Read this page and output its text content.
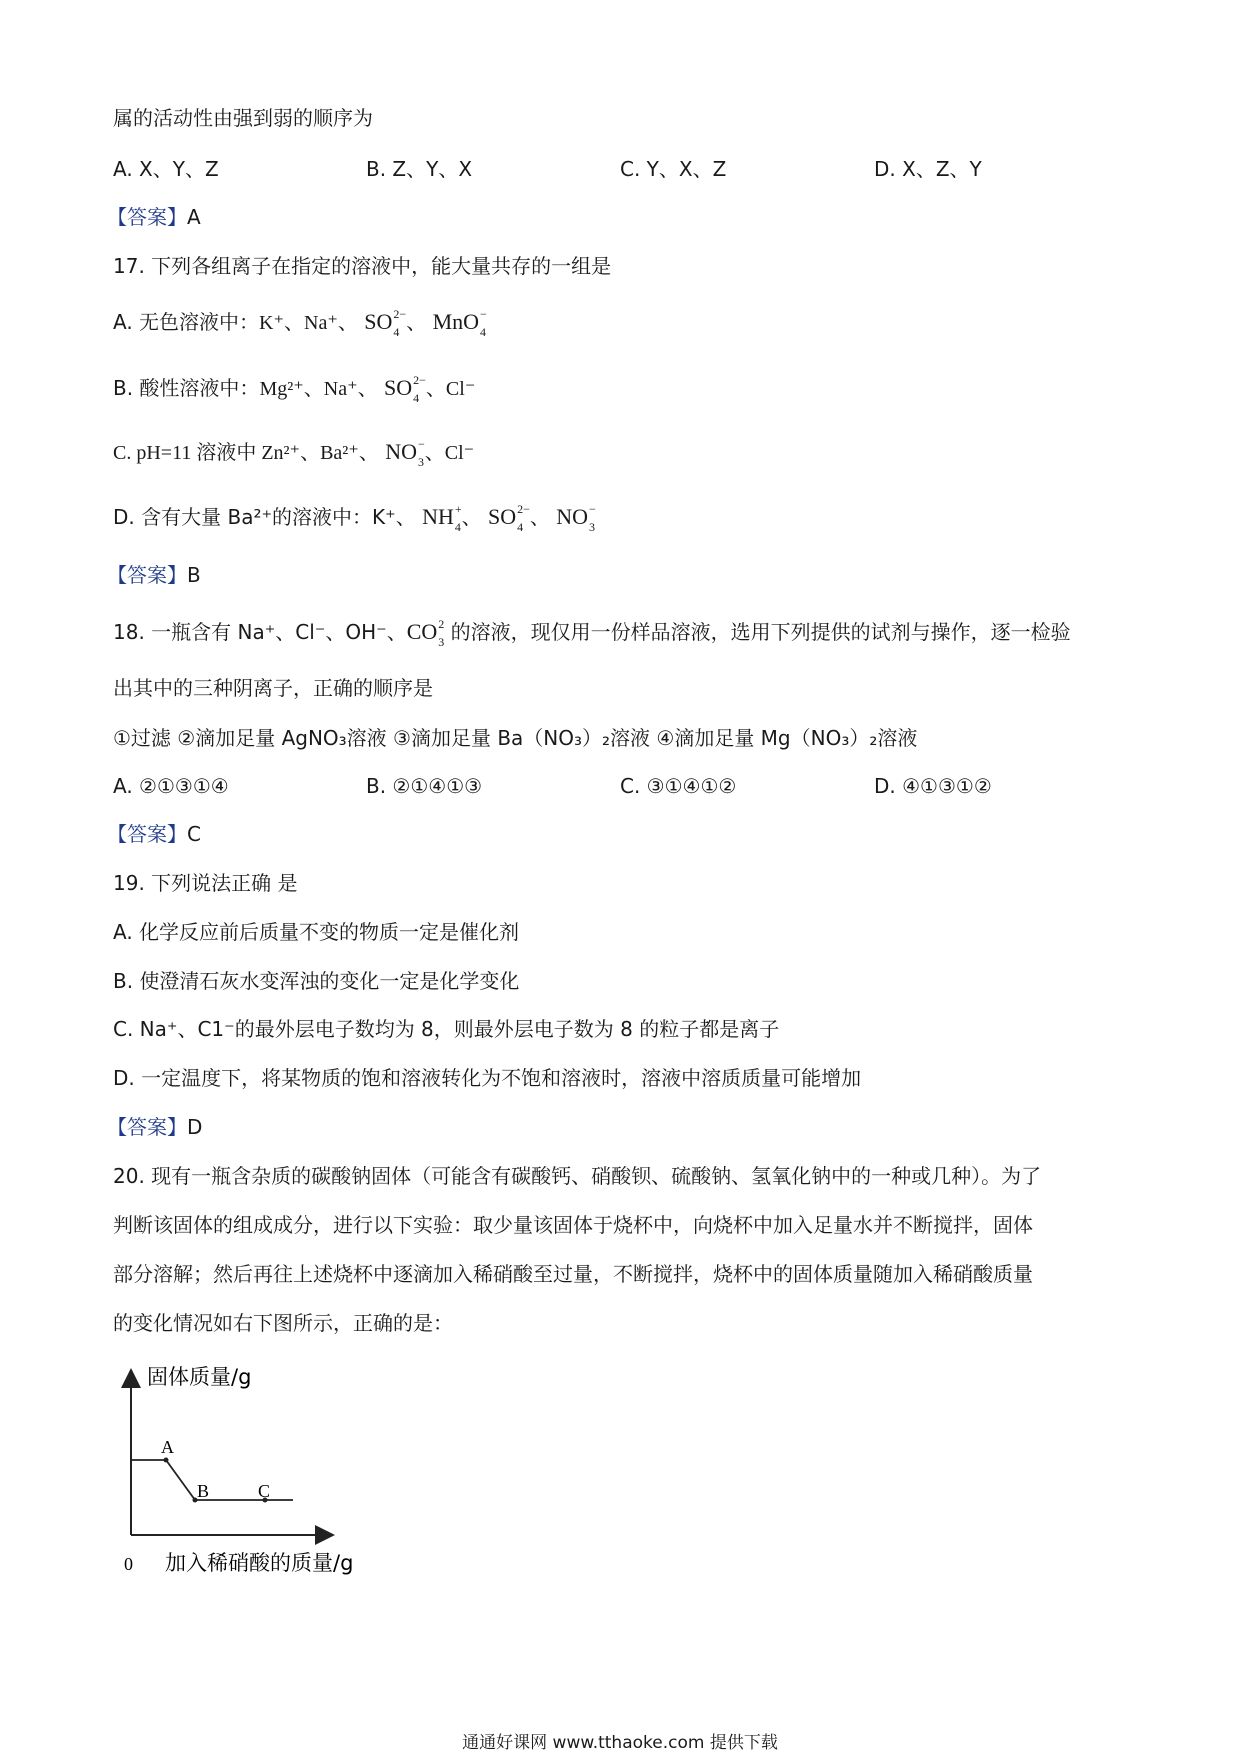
属的活动性由强到弱的顺序为
A. X、Y、Z	B. Z、Y、X	C. Y、X、Z	D. X、Z、Y
【答案】A
17. 下列各组离子在指定的溶液中，能大量共存的一组是
A. 无色溶液中：K⁺、Na⁺、 SO 2−
4 、 MnO −
4
B. 酸性溶液中：Mg²⁺、Na⁺、 SO 2−
4 、Cl⁻
C. pH=11 溶液中 Zn²⁺、Ba²⁺、 NO −
3 、Cl⁻
D. 含有大量 Ba²⁺的溶液中：K⁺、 NH +
4 、 SO 2−
4 、 NO −
3
【答案】B
18. 一瓶含有 Na⁺、Cl⁻、OH⁻、CO 2
3 的溶液，现仅用一份样品溶液，选用下列提供的试剂与操作，逐一检验
出其中的三种阴离子，正确的顺序是
①过滤 ②滴加足量 AgNO₃溶液 ③滴加足量 Ba（NO₃）₂溶液 ④滴加足量 Mg（NO₃）₂溶液
A. ②①③①④	B. ②①④①③	C. ③①④①②	D. ④①③①②
【答案】C
19. 下列说法正确 是
A. 化学反应前后质量不变的物质一定是催化剂
B. 使澄清石灰水变浑浊的变化一定是化学变化
C. Na⁺、C1⁻的最外层电子数均为 8，则最外层电子数为 8 的粒子都是离子
D. 一定温度下，将某物质的饱和溶液转化为不饱和溶液时，溶液中溶质质量可能增加
【答案】D
20. 现有一瓶含杂质的碳酸钠固体（可能含有碳酸钙、硝酸钡、硫酸钠、氢氧化钠中的一种或几种）。为了
判断该固体的组成成分，进行以下实验：取少量该固体于烧杯中，向烧杯中加入足量水并不断搅拌，固体
部分溶解；然后再往上述烧杯中逐滴加入稀硝酸至过量，不断搅拌，烧杯中的固体质量随加入稀硝酸质量
的变化情况如右下图所示，正确的是：
固体质量/g
A
B	C
0 加入稀硝酸的质量/g
通通好课网 www.tthaoke.com 提供下载
